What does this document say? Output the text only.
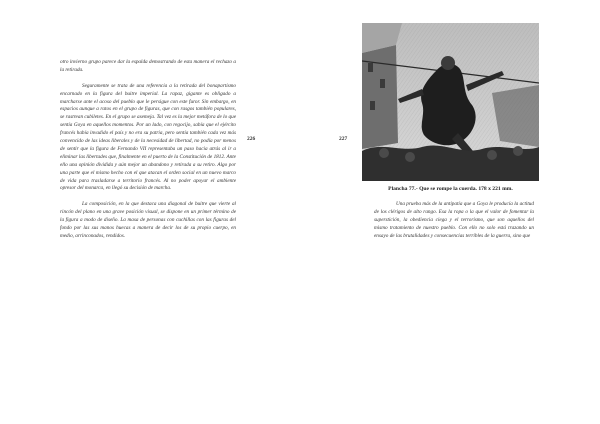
otro invierno grupo parece dar la espalda demostrando de esta manera el rechazo a la retirada.

Seguramente se trata de una referencia a la retirada del bonapartismo encarnado en la figura del buitre imperial. La rapaz, gigante es obligado a marcharse ante el acoso del pueblo que le persigue con este furor. Sin embargo, en espacios aunque a ratos en el grupo de figuras, que con rasgos también populares, se rastrean cubiletes. En el grupo se asemeja. Tal vez es la mejor metáfora de lo que sentía Goya en aquellos momentos. Por un lado, con regocijo, sabía que el ejército francés había invadido el país y no era su patria, pero sentía también cada vez más convencido de las ideas liberales y de la necesidad de libertad, no podía por menos de sentir que la figura de Fernando VII representaba un paso hacia atrás al ir a eliminar las libertades que, finalmente en el puerto de la Constitución de 1812. Ante ello una opinión dividida y aún mejor un abandono y retirada a su retiro. Algo por una parte que el mismo hecho con el que atacan el orden social en un nuevo marco de vida para trasladarse a territorio francés. Al no poder apoyar el ambiente opresor del monarca, en llegó su decisión de marcha.

La composición, en la que destaca una diagonal de buitre que vierte al rincón del plano en una grave posición visual, se dispone en un primer término de la figura a modo de diseño. La masa de personas con cuchillas con las figuras del fondo por las sus manos huecas a manera de decir los de su propio cuerpo, en medio, arrinconados, rendidos.

226	227
Plancha 77.- Que se rompe la cuerda. 178 x 221 mm.

Una prueba más de la antipatía que a Goya le producía la actitud de los clérigos de alto rango. Esa la ropa o la que el valor de fomentar la superstición, la obediencia ciega y el terrorismo, que son aquellos del mismo tratamiento de nuestro pueblo. Con ello no solo está trazando un ensayo de las brutalidades y consecuencias terribles de la guerra, sino que
